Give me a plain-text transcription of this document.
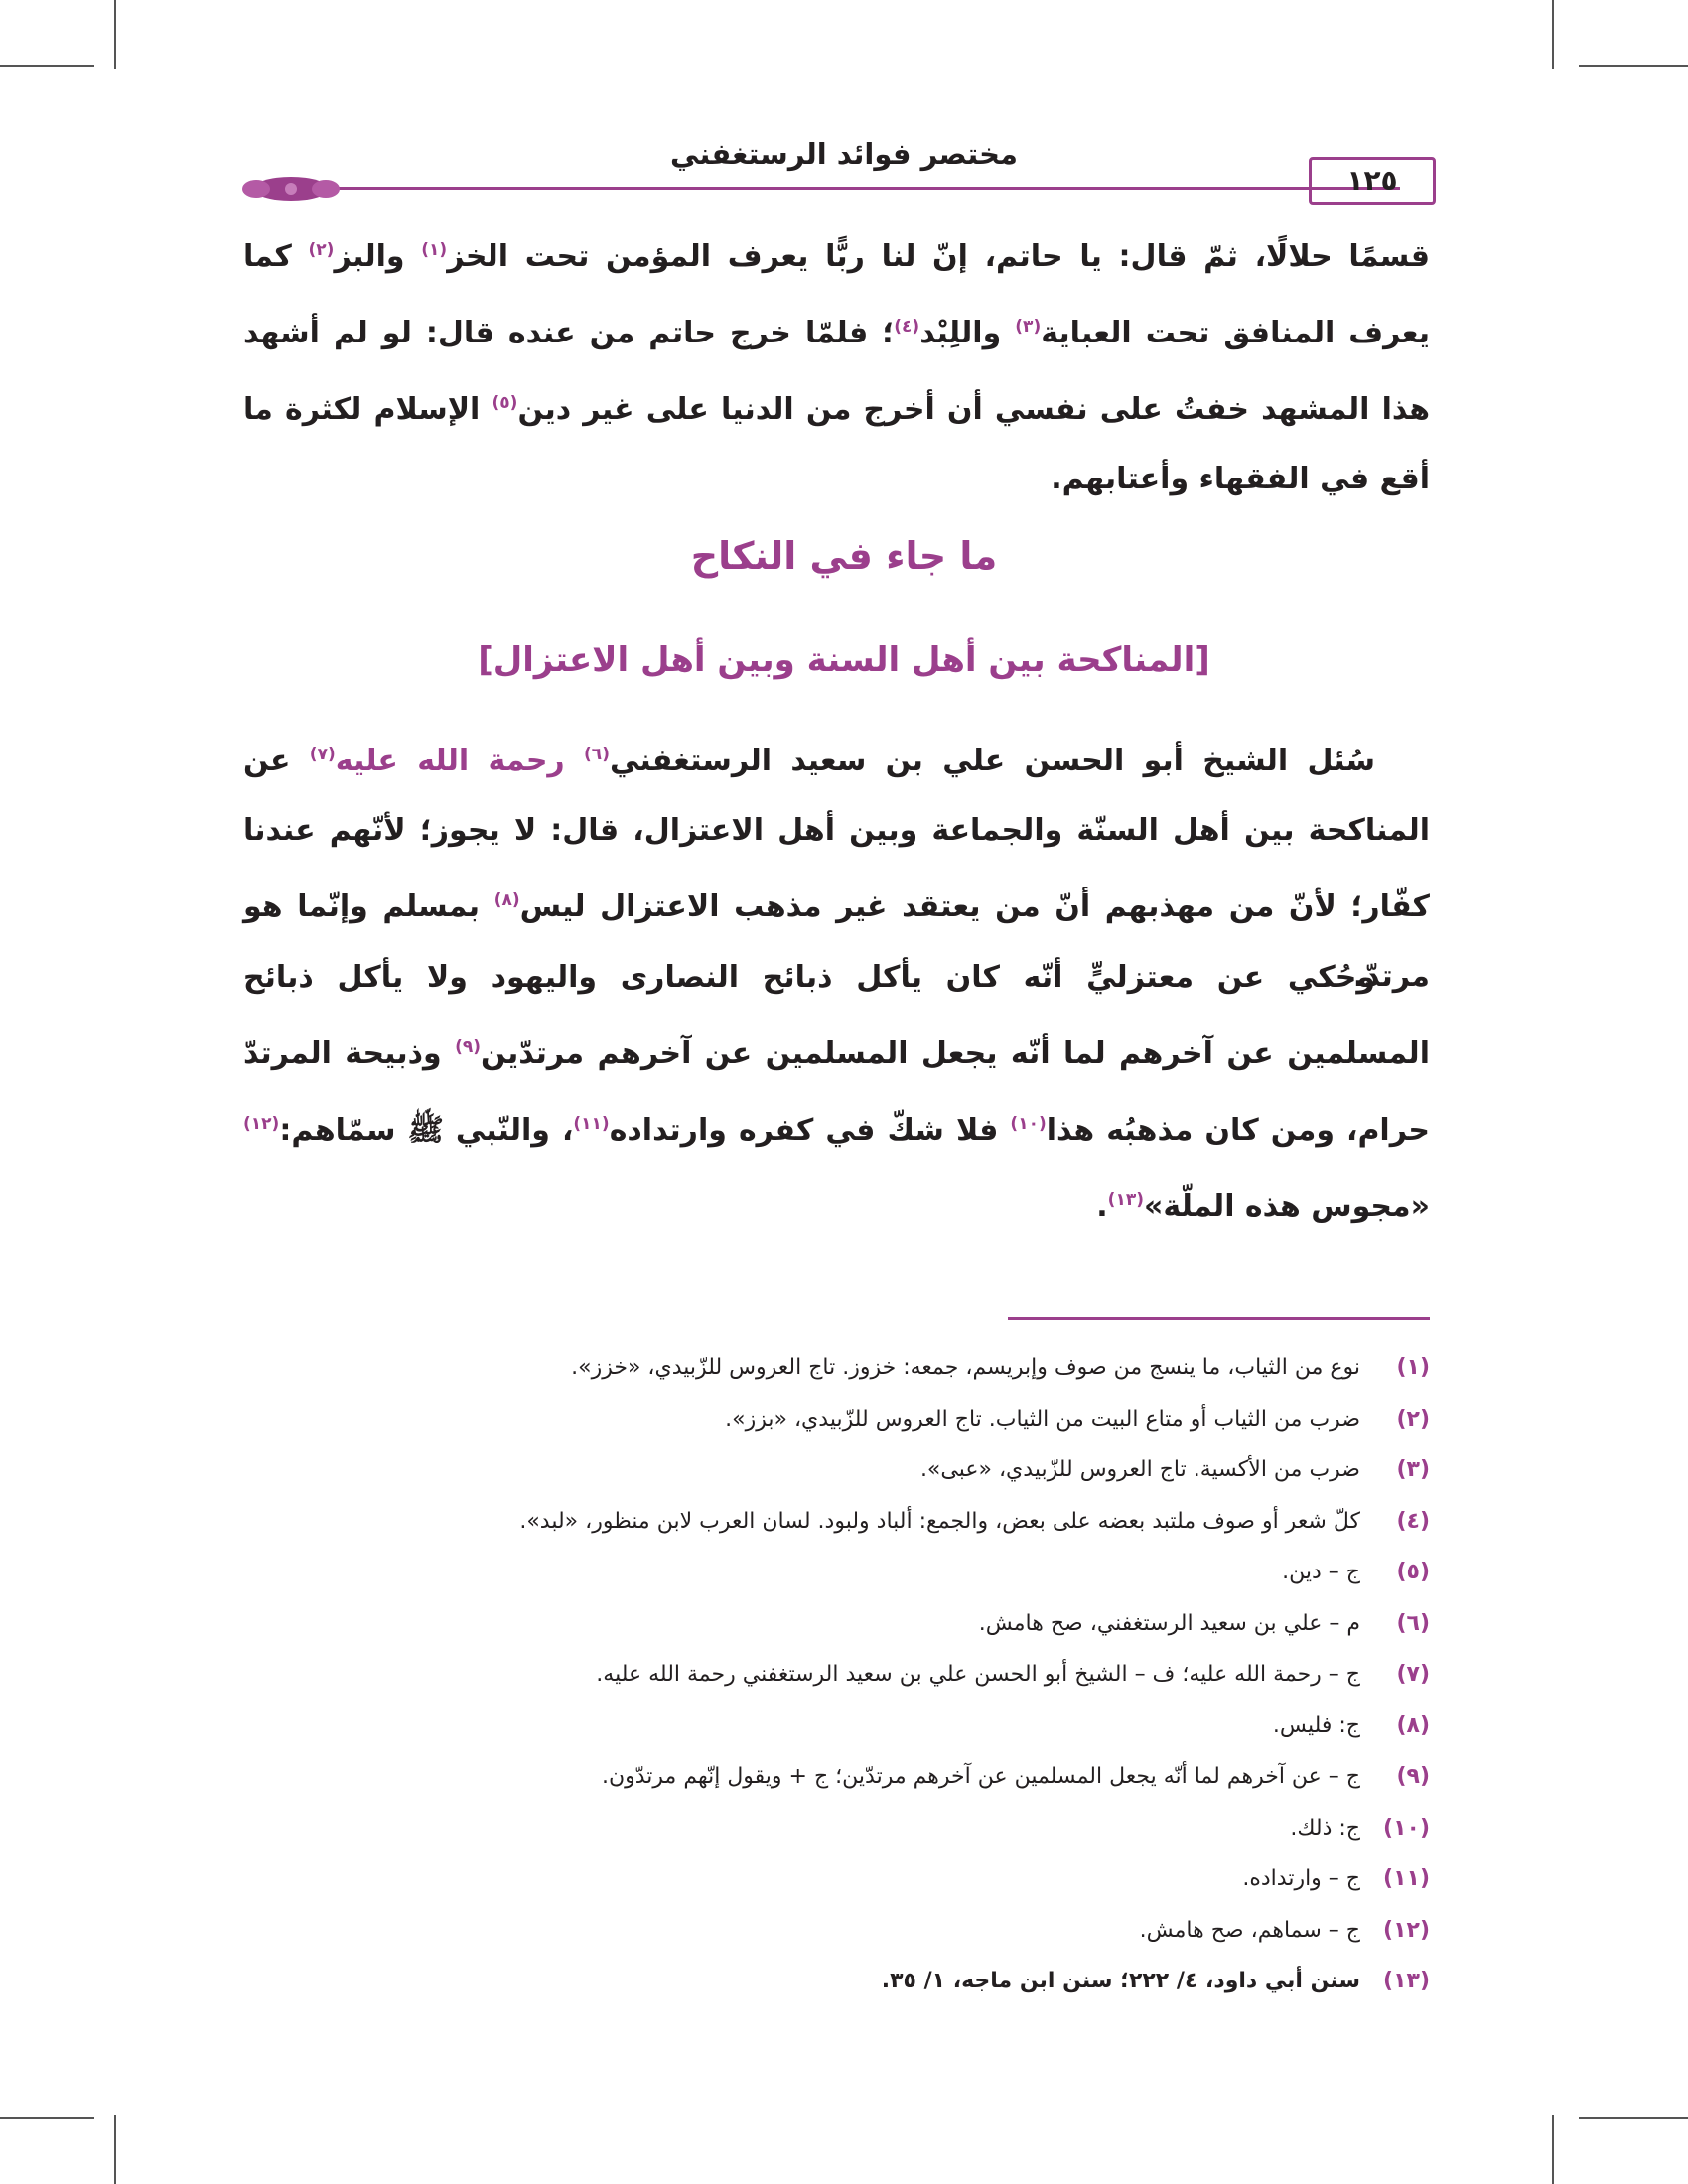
مختصر فوائد الرستغفني
١٢٥

قسمًا حلالًا، ثمّ قال: يا حاتم، إنّ لنا ربًّا يعرف المؤمن تحت الخز$^{(١)}$ والبز$^{(٢)}$ كما يعرف المنافق تحت العباية$^{(٣)}$ واللِبْد$^{(٤)}$؛ فلمّا خرج حاتم من عنده قال: لو لم أشهد هذا المشهد خفتُ على نفسي أن أخرج من الدنيا على غير دين$^{(٥)}$ الإسلام لكثرة ما أقع في الفقهاء وأعتابهم.

ما جاء في النكاح
[المناكحة بين أهل السنة وبين أهل الاعتزال]

سُئل الشيخ أبو الحسن علي بن سعيد الرستغفني$^{(٦)}$ رحمة الله عليه$^{(٧)}$ عن المناكحة بين أهل السنّة والجماعة وبين أهل الاعتزال، قال: لا يجوز؛ لأنّهم عندنا كفّار؛ لأنّ من مهذبهم أنّ من يعتقد غير مذهب الاعتزال ليس$^{(٨)}$ بمسلم وإنّما هو مرتدّ.

وحُكي عن معتزليٍّ أنّه كان يأكل ذبائح النصارى واليهود ولا يأكل ذبائح المسلمين عن آخرهم لما أنّه يجعل المسلمين عن آخرهم مرتدّين$^{(٩)}$ وذبيحة المرتدّ حرام، ومن كان مذهبُه هذا$^{(١٠)}$ فلا شكّ في كفره وارتداده$^{(١١)}$، والنّبي ﷺ سمّاهم:$^{(١٢)}$ «مجوس هذه الملّة»$^{(١٣)}$.

(١)
نوع من الثياب، ما ينسج من صوف وإبريسم، جمعه: خزوز. تاج العروس للزّبيدي، «خزز».
(٢)
ضرب من الثياب أو متاع البيت من الثياب. تاج العروس للزّبيدي، «بزز».
(٣)
ضرب من الأكسية. تاج العروس للزّبيدي، «عبى».
(٤)
كلّ شعر أو صوف ملتبد بعضه على بعض، والجمع: ألباد ولبود. لسان العرب لابن منظور، «لبد».
(٥)
ج – دين.
(٦)
م – علي بن سعيد الرستغفني، صح هامش.
(٧)
ج – رحمة الله عليه؛ ف – الشيخ أبو الحسن علي بن سعيد الرستغفني رحمة الله عليه.
(٨)
ج: فليس.
(٩)
ج – عن آخرهم لما أنّه يجعل المسلمين عن آخرهم مرتدّين؛ ج + ويقول إنّهم مرتدّون.
(١٠)
ج: ذلك.
(١١)
ج – وارتداده.
(١٢)
ج – سماهم، صح هامش.
(١٣)
سنن أبي داود، ٤/ ٢٢٢؛ سنن ابن ماجه، ١/ ٣٥.
